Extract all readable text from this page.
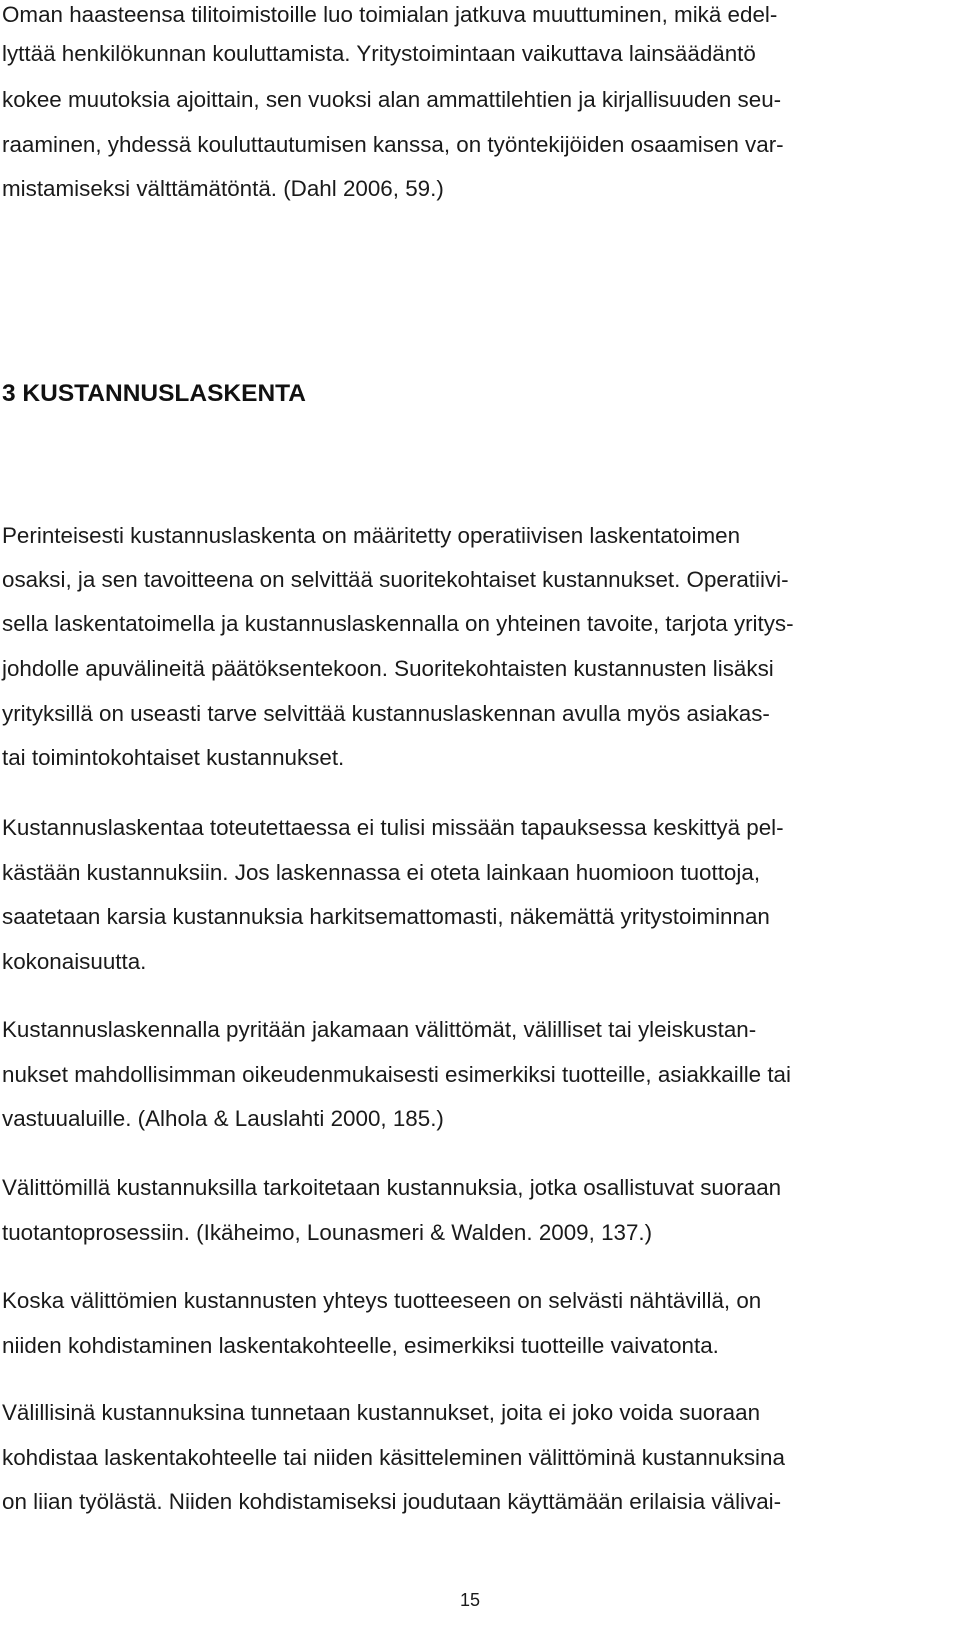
Oman haasteensa tilitoimistoille luo toimialan jatkuva muuttuminen, mikä edel-
lyttää henkilökunnan kouluttamista. Yritystoimintaan vaikuttava lainsäädäntö
kokee muutoksia ajoittain, sen vuoksi alan ammattilehtien ja kirjallisuuden seu-
raaminen, yhdessä kouluttautumisen kanssa, on työntekijöiden osaamisen var-
mistamiseksi välttämätöntä. (Dahl 2006, 59.)
3 KUSTANNUSLASKENTA
Perinteisesti kustannuslaskenta on määritetty operatiivisen laskentatoimen
osaksi, ja sen tavoitteena on selvittää suoritekohtaiset kustannukset. Operatiivi-
sella laskentatoimella ja kustannuslaskennalla on yhteinen tavoite, tarjota yritys-
johdolle apuvälineitä päätöksentekoon. Suoritekohtaisten kustannusten lisäksi
yrityksillä on useasti tarve selvittää kustannuslaskennan avulla myös asiakas-
tai toimintokohtaiset kustannukset.
Kustannuslaskentaa toteutettaessa ei tulisi missään tapauksessa keskittyä pel-
kästään kustannuksiin. Jos laskennassa ei oteta lainkaan huomioon tuottoja,
saatetaan karsia kustannuksia harkitsemattomasti, näkemättä yritystoiminnan
kokonaisuutta.
Kustannuslaskennalla pyritään jakamaan välittömät, välilliset tai yleiskustan-
nukset mahdollisimman oikeudenmukaisesti esimerkiksi tuotteille, asiakkaille tai
vastuualuille. (Alhola & Lauslahti 2000, 185.)
Välittömillä kustannuksilla tarkoitetaan kustannuksia, jotka osallistuvat suoraan
tuotantoprosessiin. (Ikäheimo, Lounasmeri & Walden. 2009, 137.)
Koska välittömien kustannusten yhteys tuotteeseen on selvästi nähtävillä, on
niiden kohdistaminen laskentakohteelle, esimerkiksi tuotteille vaivatonta.
Välillisinä kustannuksina tunnetaan kustannukset, joita ei joko voida suoraan
kohdistaa laskentakohteelle tai niiden käsitteleminen välittöminä kustannuksina
on liian työlästä. Niiden kohdistamiseksi joudutaan käyttämään erilaisia välivai-
15
